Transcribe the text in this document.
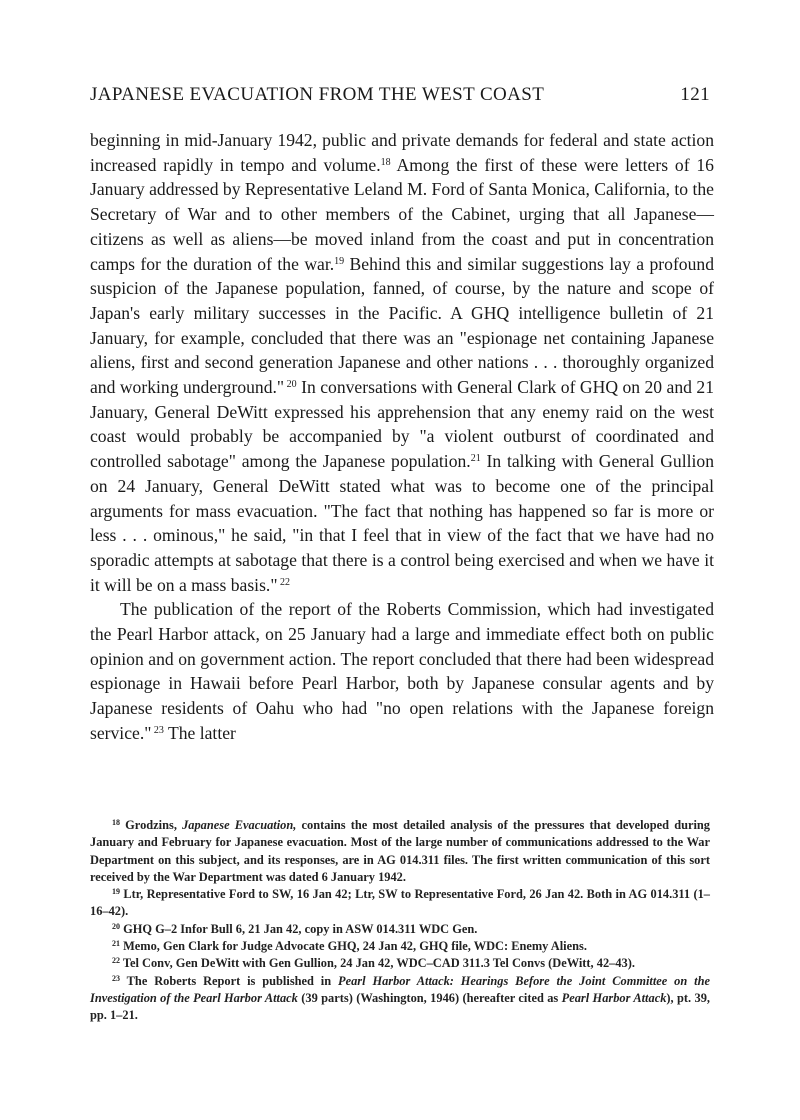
JAPANESE EVACUATION FROM THE WEST COAST	121

beginning in mid-January 1942, public and private demands for federal and state action increased rapidly in tempo and volume.$^{18}$ Among the first of these were letters of 16 January addressed by Representative Leland M. Ford of Santa Monica, California, to the Secretary of War and to other members of the Cabinet, urging that all Japanese—citizens as well as aliens—be moved inland from the coast and put in concentration camps for the duration of the war.$^{19}$ Behind this and similar suggestions lay a profound suspicion of the Japanese population, fanned, of course, by the nature and scope of Japan's early military successes in the Pacific. A GHQ intelligence bulletin of 21 January, for example, concluded that there was an "espionage net containing Japanese aliens, first and second generation Japanese and other nations . . . thoroughly organized and working underground." $^{20}$ In conversations with General Clark of GHQ on 20 and 21 January, General DeWitt expressed his apprehension that any enemy raid on the west coast would probably be accompanied by "a violent outburst of coordinated and controlled sabotage" among the Japanese population.$^{21}$ In talking with General Gullion on 24 January, General DeWitt stated what was to become one of the principal arguments for mass evacuation. "The fact that nothing has happened so far is more or less . . . ominous," he said, "in that I feel that in view of the fact that we have had no sporadic attempts at sabotage that there is a control being exercised and when we have it it will be on a mass basis." $^{22}$

The publication of the report of the Roberts Commission, which had investigated the Pearl Harbor attack, on 25 January had a large and immediate effect both on public opinion and on government action. The report concluded that there had been widespread espionage in Hawaii before Pearl Harbor, both by Japanese consular agents and by Japanese residents of Oahu who had "no open relations with the Japanese foreign service." $^{23}$ The latter

$^{18}$ Grodzins, Japanese Evacuation, contains the most detailed analysis of the pressures that developed during January and February for Japanese evacuation. Most of the large number of communications addressed to the War Department on this subject, and its responses, are in AG 014.311 files. The first written communication of this sort received by the War Department was dated 6 January 1942.

$^{19}$ Ltr, Representative Ford to SW, 16 Jan 42; Ltr, SW to Representative Ford, 26 Jan 42. Both in AG 014.311 (1–16–42).

$^{20}$ GHQ G–2 Infor Bull 6, 21 Jan 42, copy in ASW 014.311 WDC Gen.

$^{21}$ Memo, Gen Clark for Judge Advocate GHQ, 24 Jan 42, GHQ file, WDC: Enemy Aliens.

$^{22}$ Tel Conv, Gen DeWitt with Gen Gullion, 24 Jan 42, WDC–CAD 311.3 Tel Convs (DeWitt, 42–43).

$^{23}$ The Roberts Report is published in Pearl Harbor Attack: Hearings Before the Joint Committee on the Investigation of the Pearl Harbor Attack (39 parts) (Washington, 1946) (hereafter cited as Pearl Harbor Attack), pt. 39, pp. 1–21.
